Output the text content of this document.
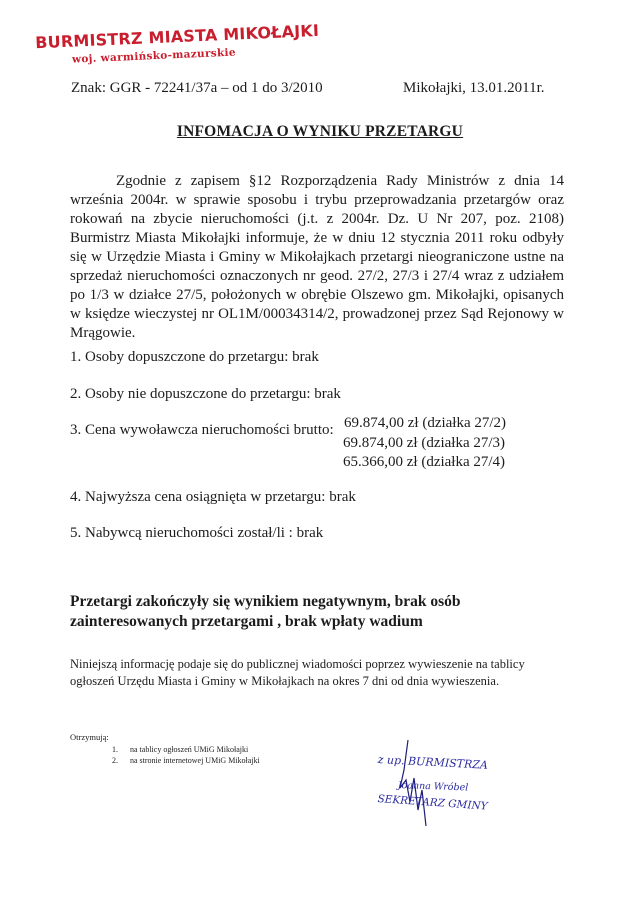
BURMISTRZ MIASTA MIKOŁAJKI
woj. warmińsko-mazurskie
Znak: GGR - 72241/37a – od 1 do 3/2010	Mikołajki, 13.01.2011r.
INFOMACJA O WYNIKU PRZETARGU
Zgodnie z zapisem §12 Rozporządzenia Rady Ministrów z dnia 14 września 2004r. w sprawie sposobu i trybu przeprowadzania przetargów oraz rokowań na zbycie nieruchomości (j.t. z 2004r. Dz. U Nr 207, poz. 2108) Burmistrz Miasta Mikołajki informuje, że w dniu 12 stycznia 2011 roku odbyły się w Urzędzie Miasta i Gminy w Mikołajkach przetargi nieograniczone ustne na sprzedaż nieruchomości oznaczonych nr geod. 27/2, 27/3 i 27/4 wraz z udziałem po 1/3 w działce 27/5, położonych w obrębie Olszewo gm. Mikołajki, opisanych w księdze wieczystej nr OL1M/00034314/2, prowadzonej przez Sąd Rejonowy w Mrągowie.
1. Osoby dopuszczone do przetargu: brak
2. Osoby nie dopuszczone do przetargu: brak
3. Cena wywoławcza nieruchomości brutto: 69.874,00 zł (działka 27/2)
69.874,00 zł (działka 27/3)
65.366,00 zł (działka 27/4)
4. Najwyższa cena osiągnięta w przetargu: brak
5. Nabywcą nieruchomości został/li : brak
Przetargi zakończyły się wynikiem negatywnym, brak osób
zainteresowanych przetargami , brak wpłaty wadium
Niniejszą informację podaje się do publicznej wiadomości poprzez wywieszenie na tablicy ogłoszeń Urzędu Miasta i Gminy w Mikołajkach na okres 7 dni od dnia wywieszenia.
Otrzymują:
1. na tablicy ogłoszeń UMiG Mikołajki
2. na stronie internetowej UMiG Mikołajki	z up. BURMISTRZA
Joanna Wróbel
SEKRETARZ GMINY
